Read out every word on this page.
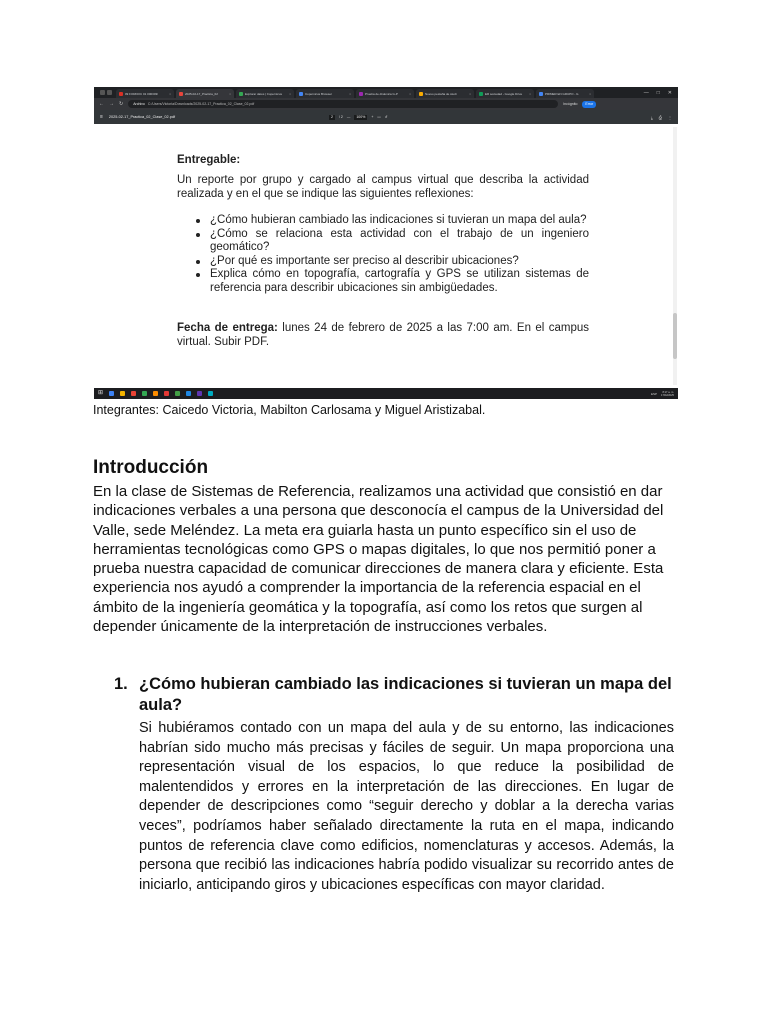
09 FORDOC 01 000303/	×	2025-02-17_Practica_02	×	Explorar datos | Copernicus	×	Copernicus Browser	×	Prueba de dinámica G-P	×	Nuevo pestaña de studi	×	ER sociedad - Google Drive	×	PRIMER EN GRUPO - G	×	— □ ✕
← → ↻	Archivo C:/Users/Victoria/Downloads/2025-02-17_Practica_02_Clase_02.pdf	Incógnito	Error
≡ 2025-02-17_Practica_02_Clase_02.pdf	2	/ 2 —	100%	+ ▭ ↺	⤓ ⎙ ⋮
Entregable:
Un reporte por grupo y cargado al campus virtual que describa la actividad realizada y en el que se indique las siguientes reflexiones:
¿Cómo hubieran cambiado las indicaciones si tuvieran un mapa del aula?
¿Cómo se relaciona esta actividad con el trabajo de un ingeniero geomático?
¿Por qué es importante ser preciso al describir ubicaciones?
Explica cómo en topografía, cartografía y GPS se utilizan sistemas de referencia para describir ubicaciones sin ambigüedades.
Fecha de entrega: lunes 24 de febrero de 2025 a las 7:00 am. En el campus virtual. Subir PDF.
⊞	ESP	8:17 a. m.
17/02/2025
Integrantes: Caicedo Victoria, Mabilton Carlosama y Miguel Aristizabal.
Introducción

En la clase de Sistemas de Referencia, realizamos una actividad que consistió en dar indicaciones verbales a una persona que desconocía el campus de la Universidad del Valle, sede Meléndez. La meta era guiarla hasta un punto específico sin el uso de herramientas tecnológicas como GPS o mapas digitales, lo que nos permitió poner a prueba nuestra capacidad de comunicar direcciones de manera clara y eficiente. Esta experiencia nos ayudó a comprender la importancia de la referencia espacial en el ámbito de la ingeniería geomática y la topografía, así como los retos que surgen al depender únicamente de la interpretación de instrucciones verbales.

1. ¿Cómo hubieran cambiado las indicaciones si tuvieran un mapa del aula?

Si hubiéramos contado con un mapa del aula y de su entorno, las indicaciones habrían sido mucho más precisas y fáciles de seguir. Un mapa proporciona una representación visual de los espacios, lo que reduce la posibilidad de malentendidos y errores en la interpretación de las direcciones. En lugar de depender de descripciones como “seguir derecho y doblar a la derecha varias veces”, podríamos haber señalado directamente la ruta en el mapa, indicando puntos de referencia clave como edificios, nomenclaturas y accesos. Además, la persona que recibió las indicaciones habría podido visualizar su recorrido antes de iniciarlo, anticipando giros y ubicaciones específicas con mayor claridad.
